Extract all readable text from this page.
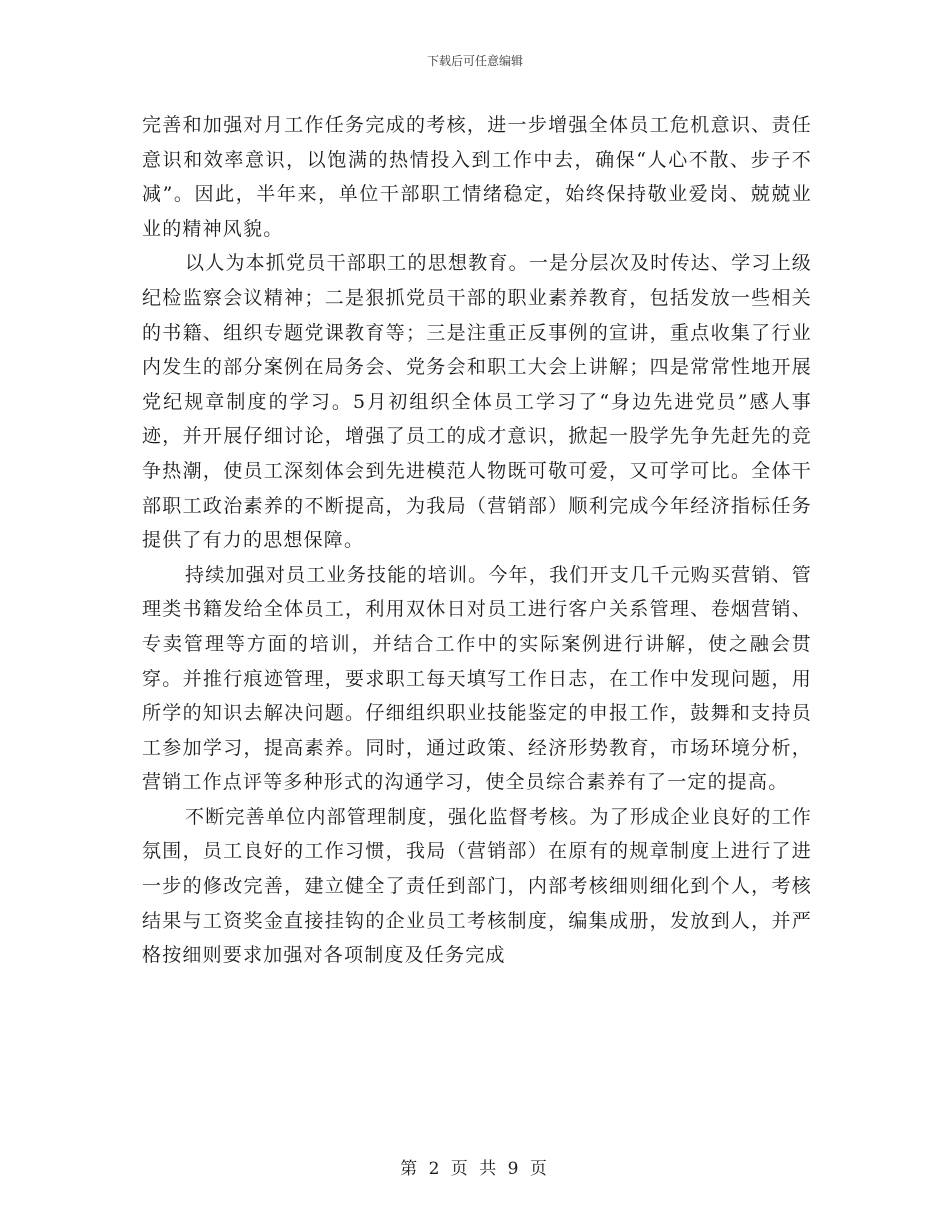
下载后可任意编辑

完善和加强对月工作任务完成的考核，进一步增强全体员工危机意识、责任意识和效率意识，以饱满的热情投入到工作中去，确保“人心不散、步子不减”。因此，半年来，单位干部职工情绪稳定，始终保持敬业爱岗、兢兢业业的精神风貌。

以人为本抓党员干部职工的思想教育。一是分层次及时传达、学习上级纪检监察会议精神；二是狠抓党员干部的职业素养教育，包括发放一些相关的书籍、组织专题党课教育等；三是注重正反事例的宣讲，重点收集了行业内发生的部分案例在局务会、党务会和职工大会上讲解；四是常常性地开展党纪规章制度的学习。5月初组织全体员工学习了“身边先进党员”感人事迹，并开展仔细讨论，增强了员工的成才意识，掀起一股学先争先赶先的竞争热潮，使员工深刻体会到先进模范人物既可敬可爱，又可学可比。全体干部职工政治素养的不断提高，为我局（营销部）顺利完成今年经济指标任务提供了有力的思想保障。

持续加强对员工业务技能的培训。今年，我们开支几千元购买营销、管理类书籍发给全体员工，利用双休日对员工进行客户关系管理、卷烟营销、专卖管理等方面的培训，并结合工作中的实际案例进行讲解，使之融会贯穿。并推行痕迹管理，要求职工每天填写工作日志，在工作中发现问题，用所学的知识去解决问题。仔细组织职业技能鉴定的申报工作，鼓舞和支持员工参加学习，提高素养。同时，通过政策、经济形势教育，市场环境分析，营销工作点评等多种形式的沟通学习，使全员综合素养有了一定的提高。

不断完善单位内部管理制度，强化监督考核。为了形成企业良好的工作氛围，员工良好的工作习惯，我局（营销部）在原有的规章制度上进行了进一步的修改完善，建立健全了责任到部门，内部考核细则细化到个人，考核结果与工资奖金直接挂钩的企业员工考核制度，编集成册，发放到人，并严格按细则要求加强对各项制度及任务完成

第 2 页 共 9 页
